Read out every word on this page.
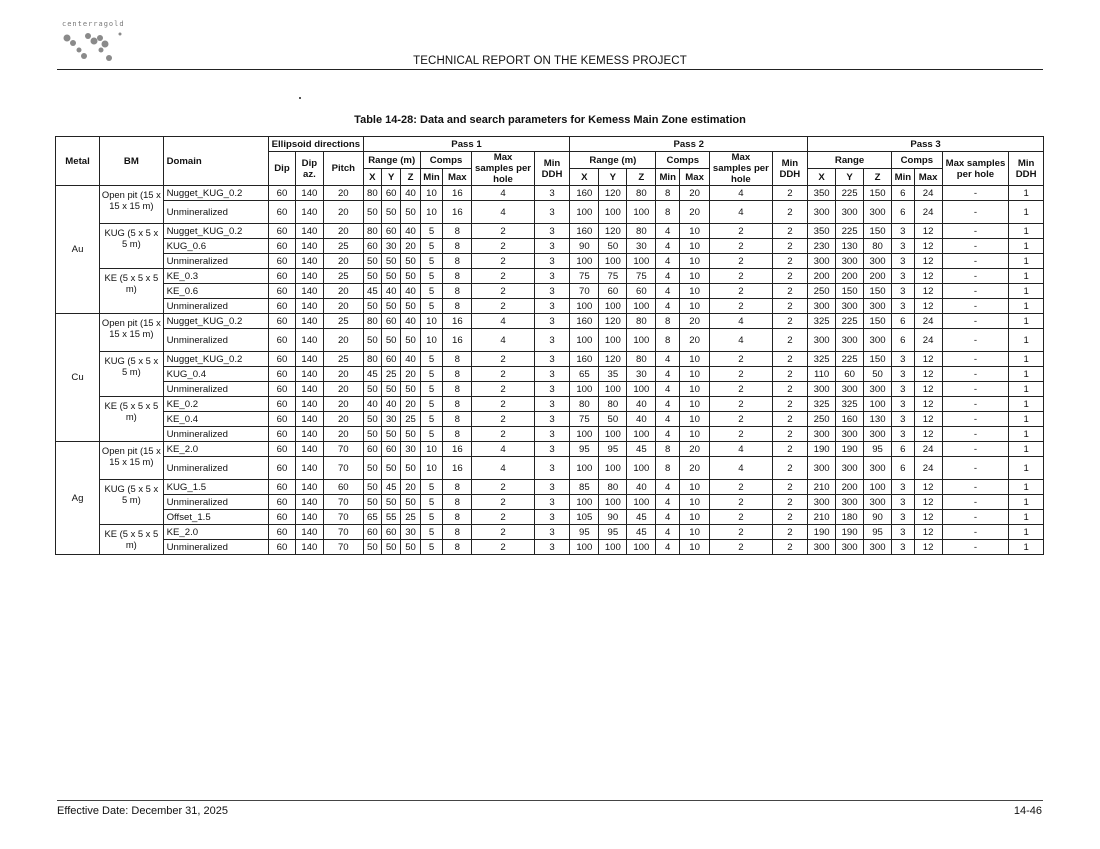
centerragold
TECHNICAL REPORT ON THE KEMESS PROJECT
Table 14-28: Data and search parameters for Kemess Main Zone estimation
Metal	BM	Domain	Ellipsoid directions			Pass 1							Pass 2							Pass 3						
			Dip	Dip az.	Pitch	Range (m)			Comps		Max samples per hole	Min DDH	Range (m)			Comps		Max samples per hole	Min DDH	Range			Comps		Max samples per hole	Min DDH
						X	Y	Z	Min	Max			X	Y	Z	Min	Max			X	Y	Z	Min	Max		
Au	Open pit (15 x 15 x 15 m)	Nugget_KUG_0.2	60	140	20	80	60	40	10	16	4	3	160	120	80	8	20	4	2	350	225	150	6	24	-	1
		Unmineralized	60	140	20	50	50	50	10	16	4	3	100	100	100	8	20	4	2	300	300	300	6	24	-	1
	KUG (5 x 5 x 5 m)	Nugget_KUG_0.2	60	140	20	80	60	40	5	8	2	3	160	120	80	4	10	2	2	350	225	150	3	12	-	1
		KUG_0.6	60	140	25	60	30	20	5	8	2	3	90	50	30	4	10	2	2	230	130	80	3	12	-	1
		Unmineralized	60	140	20	50	50	50	5	8	2	3	100	100	100	4	10	2	2	300	300	300	3	12	-	1
	KE (5 x 5 x 5 m)	KE_0.3	60	140	25	50	50	50	5	8	2	3	75	75	75	4	10	2	2	200	200	200	3	12	-	1
		KE_0.6	60	140	20	45	40	40	5	8	2	3	70	60	60	4	10	2	2	250	150	150	3	12	-	1
		Unmineralized	60	140	20	50	50	50	5	8	2	3	100	100	100	4	10	2	2	300	300	300	3	12	-	1
Cu	Open pit (15 x 15 x 15 m)	Nugget_KUG_0.2	60	140	25	80	60	40	10	16	4	3	160	120	80	8	20	4	2	325	225	150	6	24	-	1
		Unmineralized	60	140	20	50	50	50	10	16	4	3	100	100	100	8	20	4	2	300	300	300	6	24	-	1
	KUG (5 x 5 x 5 m)	Nugget_KUG_0.2	60	140	25	80	60	40	5	8	2	3	160	120	80	4	10	2	2	325	225	150	3	12	-	1
		KUG_0.4	60	140	20	45	25	20	5	8	2	3	65	35	30	4	10	2	2	110	60	50	3	12	-	1
		Unmineralized	60	140	20	50	50	50	5	8	2	3	100	100	100	4	10	2	2	300	300	300	3	12	-	1
	KE (5 x 5 x 5 m)	KE_0.2	60	140	20	40	40	20	5	8	2	3	80	80	40	4	10	2	2	325	325	100	3	12	-	1
		KE_0.4	60	140	20	50	30	25	5	8	2	3	75	50	40	4	10	2	2	250	160	130	3	12	-	1
		Unmineralized	60	140	20	50	50	50	5	8	2	3	100	100	100	4	10	2	2	300	300	300	3	12	-	1
Ag	Open pit (15 x 15 x 15 m)	KE_2.0	60	140	70	60	60	30	10	16	4	3	95	95	45	8	20	4	2	190	190	95	6	24	-	1
		Unmineralized	60	140	70	50	50	50	10	16	4	3	100	100	100	8	20	4	2	300	300	300	6	24	-	1
	KUG (5 x 5 x 5 m)	KUG_1.5	60	140	60	50	45	20	5	8	2	3	85	80	40	4	10	2	2	210	200	100	3	12	-	1
		Unmineralized	60	140	70	50	50	50	5	8	2	3	100	100	100	4	10	2	2	300	300	300	3	12	-	1
		Offset_1.5	60	140	70	65	55	25	5	8	2	3	105	90	45	4	10	2	2	210	180	90	3	12	-	1
	KE (5 x 5 x 5 m)	KE_2.0	60	140	70	60	60	30	5	8	2	3	95	95	45	4	10	2	2	190	190	95	3	12	-	1
		Unmineralized	60	140	70	50	50	50	5	8	2	3	100	100	100	4	10	2	2	300	300	300	3	12	-	1
Effective Date: December 31, 2025	14-46
